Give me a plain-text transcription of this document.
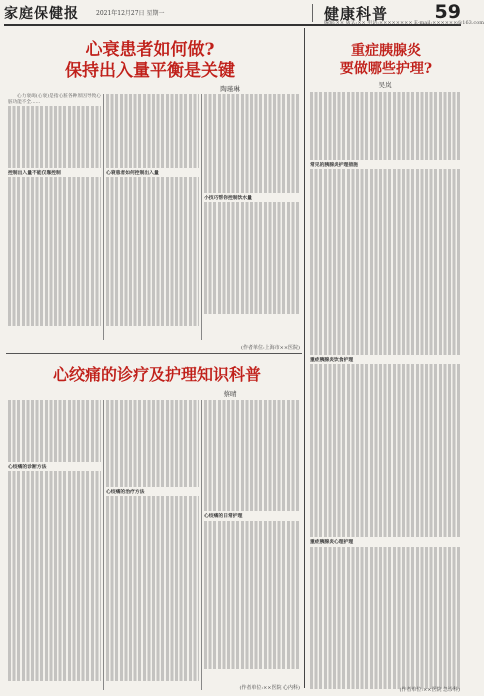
家庭保健报	2021年12月27日 星期一	健康科普 59
编辑:×× 版式:×× 电话:×××××××× E-mail:××××××@163.com
心衰患者如何做?
保持出入量平衡是关键
陶瑾琳

心力衰竭(心衰)是指心脏各种原因导致心脏功能不全……

控制出入量不能仅靠控制	心衰患者如何控制出入量

小技巧帮你控制饮水量

(作者单位:上海市××医院)
心绞痛的诊疗及护理知识科普
蔡晴

心绞痛的诊断方法

心绞痛的治疗方法

心绞痛的日常护理

(作者单位:××医院 心内科)
重症胰腺炎
要做哪些护理?
吴岚

常见的胰腺炎护理措施

重症胰腺炎饮食护理

重症胰腺炎心理护理

(作者单位:××医院 急诊科)
